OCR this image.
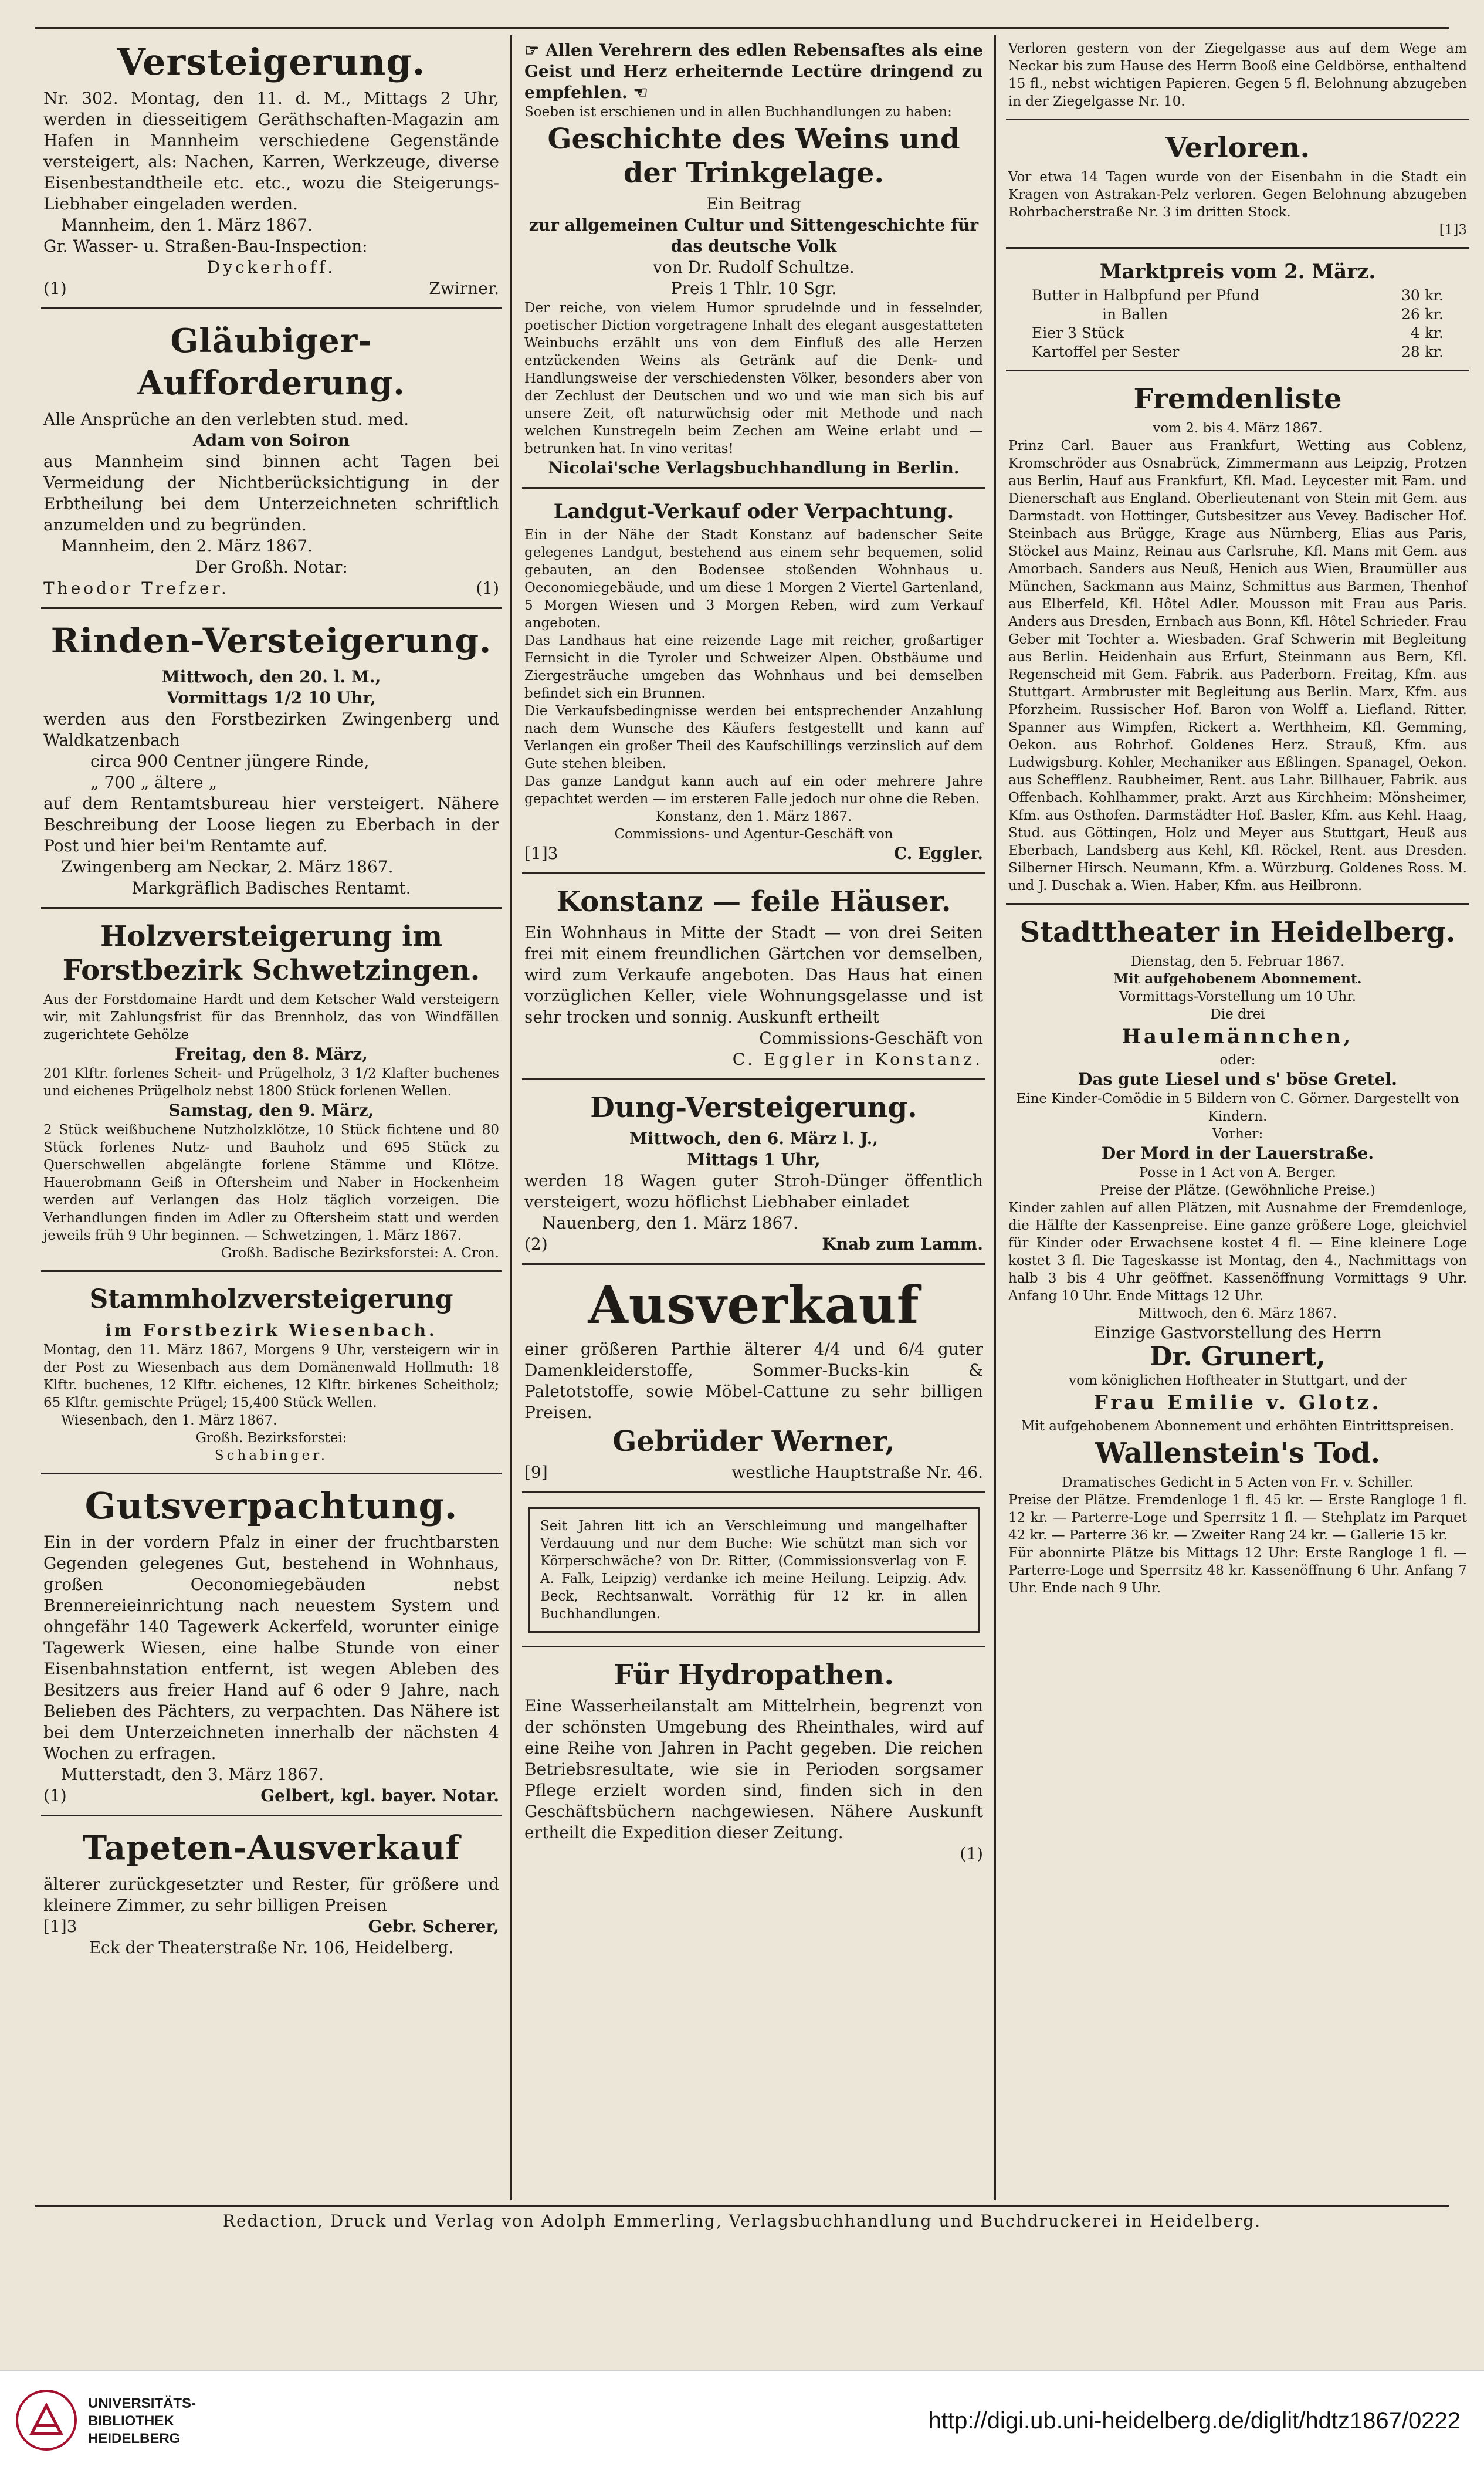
Versteigerung.

Nr. 302. Montag, den 11. d. M., Mittags 2 Uhr, werden in diesseitigem Geräthschaften-Magazin am Hafen in Mannheim verschiedene Gegenstände versteigert, als: Nachen, Karren, Werkzeuge, diverse Eisenbestandtheile etc. etc., wozu die Steigerungs-Liebhaber eingeladen werden.

Mannheim, den 1. März 1867.

Gr. Wasser- u. Straßen-Bau-Inspection:

Dyckerhoff.

(1)	Zwirner.
Gläubiger-Aufforderung.

Alle Ansprüche an den verlebten stud. med.

Adam von Soiron

aus Mannheim sind binnen acht Tagen bei Vermeidung der Nichtberücksichtigung in der Erbtheilung bei dem Unterzeichneten schriftlich anzumelden und zu begründen.

Mannheim, den 2. März 1867.

Der Großh. Notar:

Theodor Trefzer.	(1)
Rinden-Versteigerung.

Mittwoch, den 20. l. M.,

Vormittags 1/2 10 Uhr,

werden aus den Forstbezirken Zwingenberg und Waldkatzenbach

circa 900 Centner jüngere Rinde,

„ 700 „ ältere „

auf dem Rentamtsbureau hier versteigert. Nähere Beschreibung der Loose liegen zu Eberbach in der Post und hier bei'm Rentamte auf.

Zwingenberg am Neckar, 2. März 1867.

Markgräflich Badisches Rentamt.

Holzversteigerung im Forstbezirk Schwetzingen.

Aus der Forstdomaine Hardt und dem Ketscher Wald versteigern wir, mit Zahlungsfrist für das Brennholz, das von Windfällen zugerichtete Gehölze

Freitag, den 8. März,

201 Klftr. forlenes Scheit- und Prügelholz, 3 1/2 Klafter buchenes und eichenes Prügelholz nebst 1800 Stück forlenen Wellen.

Samstag, den 9. März,

2 Stück weißbuchene Nutzholzklötze, 10 Stück fichtene und 80 Stück forlenes Nutz- und Bauholz und 695 Stück zu Querschwellen abgelängte forlene Stämme und Klötze. Hauerobmann Geiß in Oftersheim und Naber in Hockenheim werden auf Verlangen das Holz täglich vorzeigen. Die Verhandlungen finden im Adler zu Oftersheim statt und werden jeweils früh 9 Uhr beginnen. — Schwetzingen, 1. März 1867.

Großh. Badische Bezirksforstei: A. Cron.

Stammholzversteigerung

im Forstbezirk Wiesenbach.

Montag, den 11. März 1867, Morgens 9 Uhr, versteigern wir in der Post zu Wiesenbach aus dem Domänenwald Hollmuth: 18 Klftr. buchenes, 12 Klftr. eichenes, 12 Klftr. birkenes Scheitholz; 65 Klftr. gemischte Prügel; 15,400 Stück Wellen.

Wiesenbach, den 1. März 1867.

Großh. Bezirksforstei:

Schabinger.

Gutsverpachtung.

Ein in der vordern Pfalz in einer der fruchtbarsten Gegenden gelegenes Gut, bestehend in Wohnhaus, großen Oeconomiegebäuden nebst Brennereieinrichtung nach neuestem System und ohngefähr 140 Tagewerk Ackerfeld, worunter einige Tagewerk Wiesen, eine halbe Stunde von einer Eisenbahnstation entfernt, ist wegen Ableben des Besitzers aus freier Hand auf 6 oder 9 Jahre, nach Belieben des Pächters, zu verpachten. Das Nähere ist bei dem Unterzeichneten innerhalb der nächsten 4 Wochen zu erfragen.

Mutterstadt, den 3. März 1867.

(1)	Gelbert, kgl. bayer. Notar.
Tapeten-Ausverkauf

älterer zurückgesetzter und Rester, für größere und kleinere Zimmer, zu sehr billigen Preisen

[1]3	Gebr. Scherer,

Eck der Theaterstraße Nr. 106, Heidelberg.

☞ Allen Verehrern des edlen Rebensaftes als eine Geist und Herz erheiternde Lectüre dringend zu empfehlen. ☜

Soeben ist erschienen und in allen Buchhandlungen zu haben:

Geschichte des Weins und der Trinkgelage.

Ein Beitrag

zur allgemeinen Cultur und Sittengeschichte für das deutsche Volk

von Dr. Rudolf Schultze.

Preis 1 Thlr. 10 Sgr.

Der reiche, von vielem Humor sprudelnde und in fesselnder, poetischer Diction vorgetragene Inhalt des elegant ausgestatteten Weinbuchs erzählt uns von dem Einfluß des alle Herzen entzückenden Weins als Getränk auf die Denk- und Handlungsweise der verschiedensten Völker, besonders aber von der Zechlust der Deutschen und wo und wie man sich bis auf unsere Zeit, oft naturwüchsig oder mit Methode und nach welchen Kunstregeln beim Zechen am Weine erlabt und — betrunken hat. In vino veritas!

Nicolai'sche Verlagsbuchhandlung in Berlin.

Landgut-Verkauf oder Verpachtung.

Ein in der Nähe der Stadt Konstanz auf badenscher Seite gelegenes Landgut, bestehend aus einem sehr bequemen, solid gebauten, an den Bodensee stoßenden Wohnhaus u. Oeconomiegebäude, und um diese 1 Morgen 2 Viertel Gartenland, 5 Morgen Wiesen und 3 Morgen Reben, wird zum Verkauf angeboten.

Das Landhaus hat eine reizende Lage mit reicher, großartiger Fernsicht in die Tyroler und Schweizer Alpen. Obstbäume und Ziergesträuche umgeben das Wohnhaus und bei demselben befindet sich ein Brunnen.

Die Verkaufsbedingnisse werden bei entsprechender Anzahlung nach dem Wunsche des Käufers festgestellt und kann auf Verlangen ein großer Theil des Kaufschillings verzinslich auf dem Gute stehen bleiben.

Das ganze Landgut kann auch auf ein oder mehrere Jahre gepachtet werden — im ersteren Falle jedoch nur ohne die Reben.

Konstanz, den 1. März 1867.

Commissions- und Agentur-Geschäft von

[1]3	C. Eggler.
Konstanz — feile Häuser.

Ein Wohnhaus in Mitte der Stadt — von drei Seiten frei mit einem freundlichen Gärtchen vor demselben, wird zum Verkaufe angeboten. Das Haus hat einen vorzüglichen Keller, viele Wohnungsgelasse und ist sehr trocken und sonnig. Auskunft ertheilt

Commissions-Geschäft von

C. Eggler in Konstanz.

Dung-Versteigerung.

Mittwoch, den 6. März l. J.,

Mittags 1 Uhr,

werden 18 Wagen guter Stroh-Dünger öffentlich versteigert, wozu höflichst Liebhaber einladet

Nauenberg, den 1. März 1867.

(2)	Knab zum Lamm.
Ausverkauf

einer größeren Parthie älterer 4/4 und 6/4 guter Damenkleiderstoffe, Sommer-Bucks-kin & Paletotstoffe, sowie Möbel-Cattune zu sehr billigen Preisen.

Gebrüder Werner,
[9]	westliche Hauptstraße Nr. 46.

Seit Jahren litt ich an Verschleimung und mangelhafter Verdauung und nur dem Buche: Wie schützt man sich vor Körperschwäche? von Dr. Ritter, (Commissionsverlag von F. A. Falk, Leipzig) verdanke ich meine Heilung. Leipzig. Adv. Beck, Rechtsanwalt. Vorräthig für 12 kr. in allen Buchhandlungen.

Für Hydropathen.

Eine Wasserheilanstalt am Mittelrhein, begrenzt von der schönsten Umgebung des Rheinthales, wird auf eine Reihe von Jahren in Pacht gegeben. Die reichen Betriebsresultate, wie sie in Perioden sorgsamer Pflege erzielt worden sind, finden sich in den Geschäftsbüchern nachgewiesen. Nähere Auskunft ertheilt die Expedition dieser Zeitung.

(1)

Verloren gestern von der Ziegelgasse aus auf dem Wege am Neckar bis zum Hause des Herrn Booß eine Geldbörse, enthaltend 15 fl., nebst wichtigen Papieren. Gegen 5 fl. Belohnung abzugeben in der Ziegelgasse Nr. 10.

Verloren.

Vor etwa 14 Tagen wurde von der Eisenbahn in die Stadt ein Kragen von Astrakan-Pelz verloren. Gegen Belohnung abzugeben Rohrbacherstraße Nr. 3 im dritten Stock.

[1]3

Marktpreis vom 2. März.
Butter in Halbpfund per Pfund	30 kr.
in Ballen	26 kr.
Eier 3 Stück	4 kr.
Kartoffel per Sester	28 kr.
Fremdenliste

vom 2. bis 4. März 1867.

Prinz Carl. Bauer aus Frankfurt, Wetting aus Coblenz, Kromschröder aus Osnabrück, Zimmermann aus Leipzig, Protzen aus Berlin, Hauf aus Frankfurt, Kfl. Mad. Leycester mit Fam. und Dienerschaft aus England. Oberlieutenant von Stein mit Gem. aus Darmstadt. von Hottinger, Gutsbesitzer aus Vevey. Badischer Hof. Steinbach aus Brügge, Krage aus Nürnberg, Elias aus Paris, Stöckel aus Mainz, Reinau aus Carlsruhe, Kfl. Mans mit Gem. aus Amorbach. Sanders aus Neuß, Henich aus Wien, Braumüller aus München, Sackmann aus Mainz, Schmittus aus Barmen, Thenhof aus Elberfeld, Kfl. Hôtel Adler. Mousson mit Frau aus Paris. Anders aus Dresden, Ernbach aus Bonn, Kfl. Hôtel Schrieder. Frau Geber mit Tochter a. Wiesbaden. Graf Schwerin mit Begleitung aus Berlin. Heidenhain aus Erfurt, Steinmann aus Bern, Kfl. Regenscheid mit Gem. Fabrik. aus Paderborn. Freitag, Kfm. aus Stuttgart. Armbruster mit Begleitung aus Berlin. Marx, Kfm. aus Pforzheim. Russischer Hof. Baron von Wolff a. Liefland. Ritter. Spanner aus Wimpfen, Rickert a. Werthheim, Kfl. Gemming, Oekon. aus Rohrhof. Goldenes Herz. Strauß, Kfm. aus Ludwigsburg. Kohler, Mechaniker aus Eßlingen. Spanagel, Oekon. aus Schefflenz. Raubheimer, Rent. aus Lahr. Billhauer, Fabrik. aus Offenbach. Kohlhammer, prakt. Arzt aus Kirchheim: Mönsheimer, Kfm. aus Osthofen. Darmstädter Hof. Basler, Kfm. aus Kehl. Haag, Stud. aus Göttingen, Holz und Meyer aus Stuttgart, Heuß aus Eberbach, Landsberg aus Kehl, Kfl. Röckel, Rent. aus Dresden. Silberner Hirsch. Neumann, Kfm. a. Würzburg. Goldenes Ross. M. und J. Duschak a. Wien. Haber, Kfm. aus Heilbronn.

Stadttheater in Heidelberg.

Dienstag, den 5. Februar 1867.

Mit aufgehobenem Abonnement.

Vormittags-Vorstellung um 10 Uhr.

Die drei

Haulemännchen,

oder:

Das gute Liesel und s' böse Gretel.

Eine Kinder-Comödie in 5 Bildern von C. Görner. Dargestellt von Kindern.

Vorher:

Der Mord in der Lauerstraße.

Posse in 1 Act von A. Berger.

Preise der Plätze. (Gewöhnliche Preise.)

Kinder zahlen auf allen Plätzen, mit Ausnahme der Fremdenloge, die Hälfte der Kassenpreise. Eine ganze größere Loge, gleichviel für Kinder oder Erwachsene kostet 4 fl. — Eine kleinere Loge kostet 3 fl. Die Tageskasse ist Montag, den 4., Nachmittags von halb 3 bis 4 Uhr geöffnet. Kassenöffnung Vormittags 9 Uhr. Anfang 10 Uhr. Ende Mittags 12 Uhr.

Mittwoch, den 6. März 1867.

Einzige Gastvorstellung des Herrn

Dr. Grunert,

vom königlichen Hoftheater in Stuttgart, und der

Frau Emilie v. Glotz.

Mit aufgehobenem Abonnement und erhöhten Eintrittspreisen.

Wallenstein's Tod.

Dramatisches Gedicht in 5 Acten von Fr. v. Schiller.

Preise der Plätze. Fremdenloge 1 fl. 45 kr. — Erste Rangloge 1 fl. 12 kr. — Parterre-Loge und Sperrsitz 1 fl. — Stehplatz im Parquet 42 kr. — Parterre 36 kr. — Zweiter Rang 24 kr. — Gallerie 15 kr.

Für abonnirte Plätze bis Mittags 12 Uhr: Erste Rangloge 1 fl. — Parterre-Loge und Sperrsitz 48 kr. Kassenöffnung 6 Uhr. Anfang 7 Uhr. Ende nach 9 Uhr.

Redaction, Druck und Verlag von Adolph Emmerling, Verlagsbuchhandlung und Buchdruckerei in Heidelberg.
UNIVERSITÄTS-
BIBLIOTHEK
HEIDELBERG
http://digi.ub.uni-heidelberg.de/diglit/hdtz1867/0222
